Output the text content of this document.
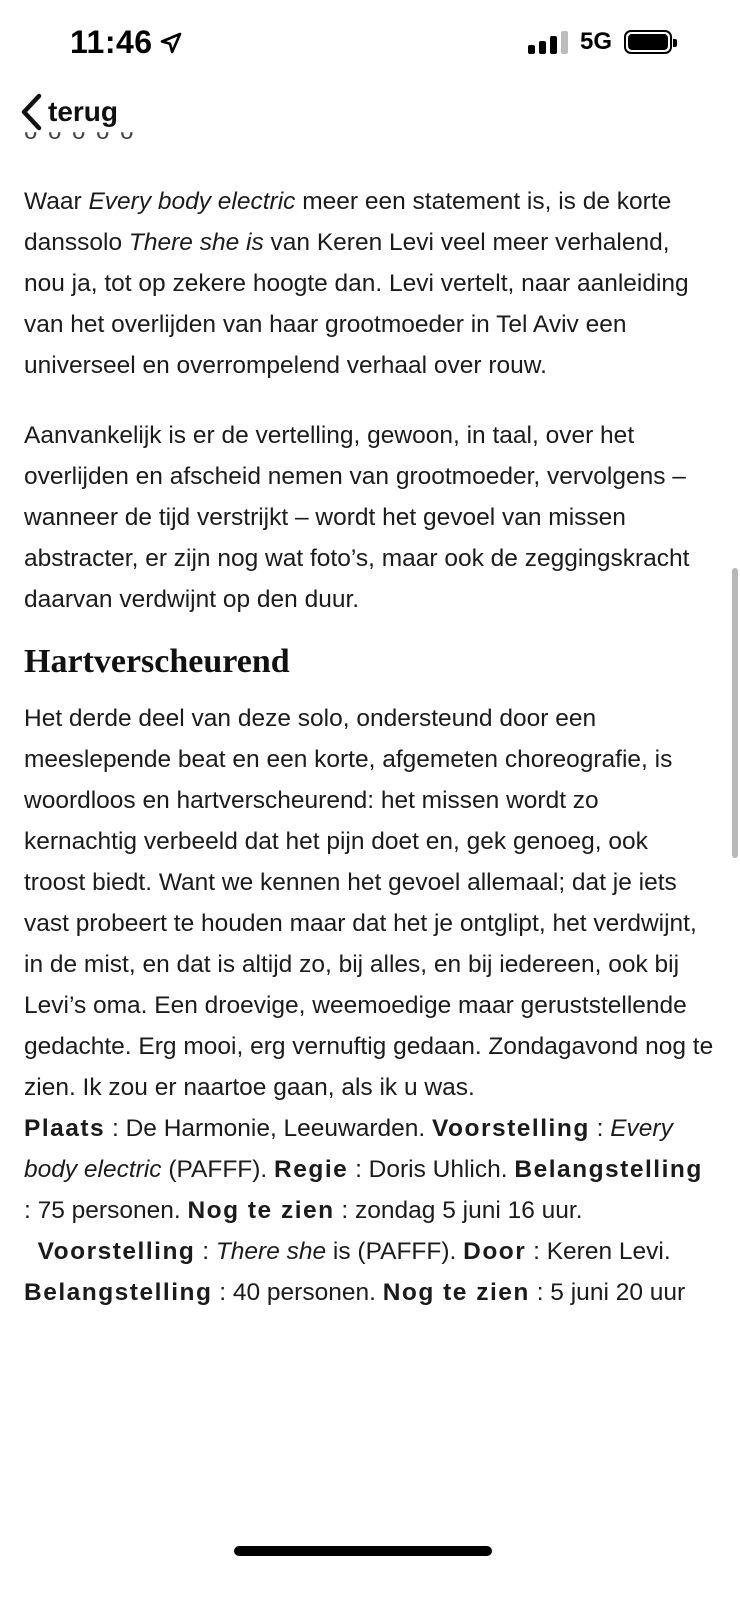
11:46	5G
terug
ᴗ ᴗ ᴗ ᴗ ᴗ

Waar Every body electric meer een statement is, is de korte danssolo There she is van Keren Levi veel meer verhalend, nou ja, tot op zekere hoogte dan. Levi vertelt, naar aanleiding van het overlijden van haar grootmoeder in Tel Aviv een universeel en overrompelend verhaal over rouw.

Aanvankelijk is er de vertelling, gewoon, in taal, over het overlijden en afscheid nemen van grootmoeder, vervolgens – wanneer de tijd verstrijkt – wordt het gevoel van missen abstracter, er zijn nog wat foto’s, maar ook de zeggingskracht daarvan verdwijnt op den duur.

Hartverscheurend

Het derde deel van deze solo, ondersteund door een meeslepende beat en een korte, afgemeten choreografie, is woordloos en hartverscheurend: het missen wordt zo kernachtig verbeeld dat het pijn doet en, gek genoeg, ook troost biedt. Want we kennen het gevoel allemaal; dat je iets vast probeert te houden maar dat het je ontglipt, het verdwijnt, in de mist, en dat is altijd zo, bij alles, en bij iedereen, ook bij Levi’s oma. Een droevige, weemoedige maar geruststellende gedachte. Erg mooi, erg vernuftig gedaan. Zondagavond nog te zien. Ik zou er naartoe gaan, als ik u was.

Plaats : De Harmonie, Leeuwarden. Voorstelling : Every body electric (PAFFF). Regie : Doris Uhlich. Belangstelling : 75 personen. Nog te zien : zondag 5 juni 16 uur.

Voorstelling : There she is (PAFFF). Door : Keren Levi. Belangstelling : 40 personen. Nog te zien : 5 juni 20 uur
